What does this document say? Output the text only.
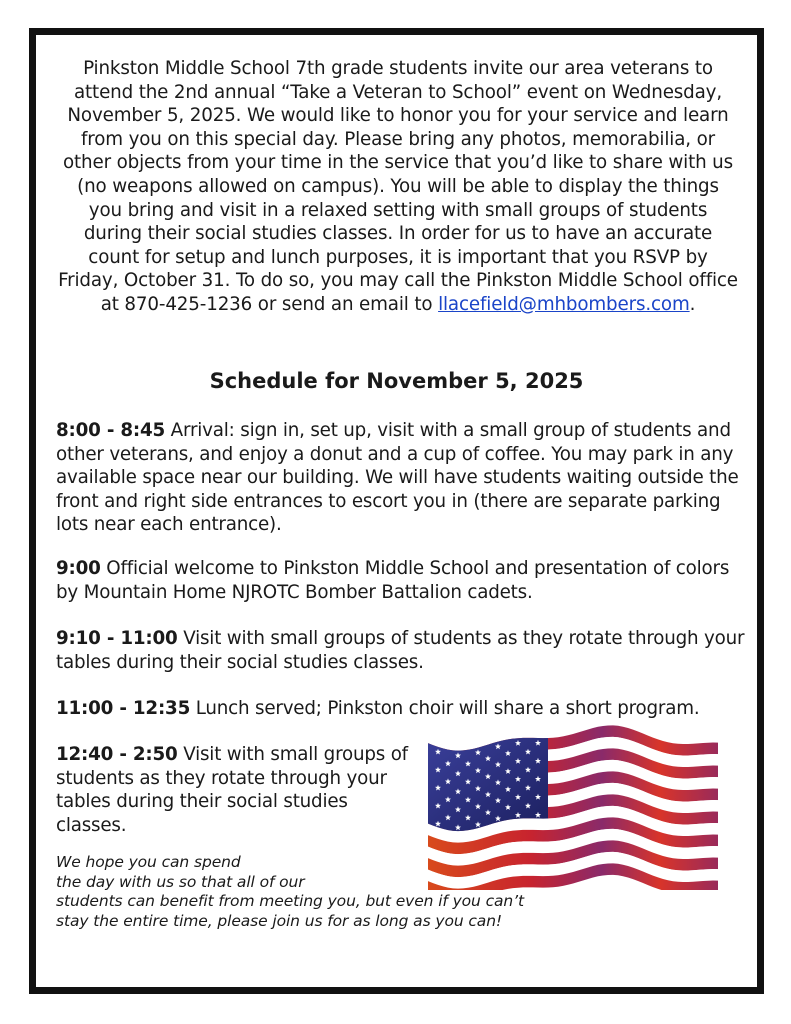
Pinkston Middle School 7th grade students invite our area veterans to attend the 2nd annual “Take a Veteran to School” event on Wednesday, November 5, 2025. We would like to honor you for your service and learn from you on this special day. Please bring any photos, memorabilia, or other objects from your time in the service that you’d like to share with us (no weapons allowed on campus). You will be able to display the things you bring and visit in a relaxed setting with small groups of students during their social studies classes. In order for us to have an accurate count for setup and lunch purposes, it is important that you RSVP by Friday, October 31. To do so, you may call the Pinkston Middle School office at 870-425-1236 or send an email to llacefield@mhbombers.com.

Schedule for November 5, 2025
8:00 - 8:45 Arrival: sign in, set up, visit with a small group of students and other veterans, and enjoy a donut and a cup of coffee. You may park in any available space near our building. We will have students waiting outside the front and right side entrances to escort you in (there are separate parking lots near each entrance).
9:00 Official welcome to Pinkston Middle School and presentation of colors by Mountain Home NJROTC Bomber Battalion cadets.
9:10 - 11:00 Visit with small groups of students as they rotate through your tables during their social studies classes.
11:00 - 12:35 Lunch served; Pinkston choir will share a short program.
12:40 - 2:50 Visit with small groups of students as they rotate through your tables during their social studies classes.
We hope you can spend
the day with us so that all of our
students can benefit from meeting you, but even if you can’t
stay the entire time, please join us for as long as you can!
